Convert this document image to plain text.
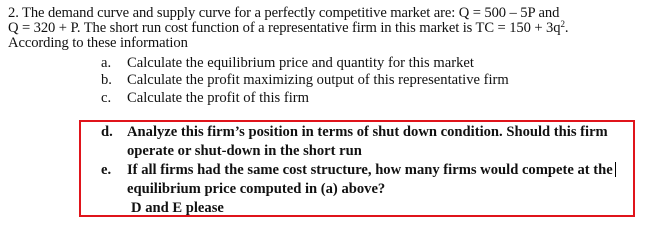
2. The demand curve and supply curve for a perfectly competitive market are: Q = 500 – 5P and
Q = 320 + P. The short run cost function of a representative firm in this market is TC = $150 + 3q^2$.
According to these information
a. Calculate the equilibrium price and quantity for this market
b. Calculate the profit maximizing output of this representative firm
c. Calculate the profit of this firm
d. Analyze this firm’s position in terms of shut down condition. Should this firm
operate or shut-down in the short run
e. If all firms had the same cost structure, how many firms would compete at the
equilibrium price computed in (a) above?
D and E please
